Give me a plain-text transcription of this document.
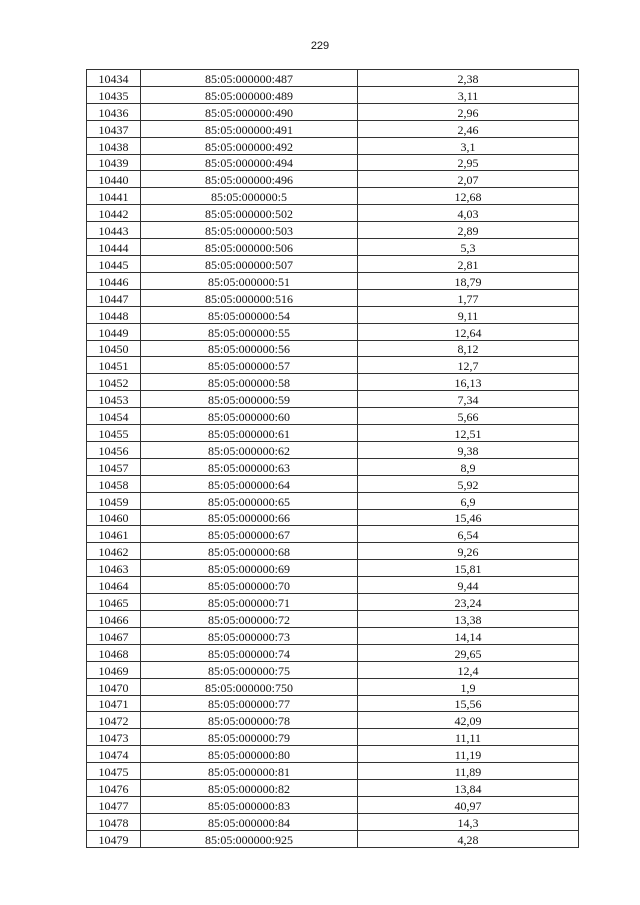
229
10434	85:05:000000:487	2,38
10435	85:05:000000:489	3,11
10436	85:05:000000:490	2,96
10437	85:05:000000:491	2,46
10438	85:05:000000:492	3,1
10439	85:05:000000:494	2,95
10440	85:05:000000:496	2,07
10441	85:05:000000:5	12,68
10442	85:05:000000:502	4,03
10443	85:05:000000:503	2,89
10444	85:05:000000:506	5,3
10445	85:05:000000:507	2,81
10446	85:05:000000:51	18,79
10447	85:05:000000:516	1,77
10448	85:05:000000:54	9,11
10449	85:05:000000:55	12,64
10450	85:05:000000:56	8,12
10451	85:05:000000:57	12,7
10452	85:05:000000:58	16,13
10453	85:05:000000:59	7,34
10454	85:05:000000:60	5,66
10455	85:05:000000:61	12,51
10456	85:05:000000:62	9,38
10457	85:05:000000:63	8,9
10458	85:05:000000:64	5,92
10459	85:05:000000:65	6,9
10460	85:05:000000:66	15,46
10461	85:05:000000:67	6,54
10462	85:05:000000:68	9,26
10463	85:05:000000:69	15,81
10464	85:05:000000:70	9,44
10465	85:05:000000:71	23,24
10466	85:05:000000:72	13,38
10467	85:05:000000:73	14,14
10468	85:05:000000:74	29,65
10469	85:05:000000:75	12,4
10470	85:05:000000:750	1,9
10471	85:05:000000:77	15,56
10472	85:05:000000:78	42,09
10473	85:05:000000:79	11,11
10474	85:05:000000:80	11,19
10475	85:05:000000:81	11,89
10476	85:05:000000:82	13,84
10477	85:05:000000:83	40,97
10478	85:05:000000:84	14,3
10479	85:05:000000:925	4,28
